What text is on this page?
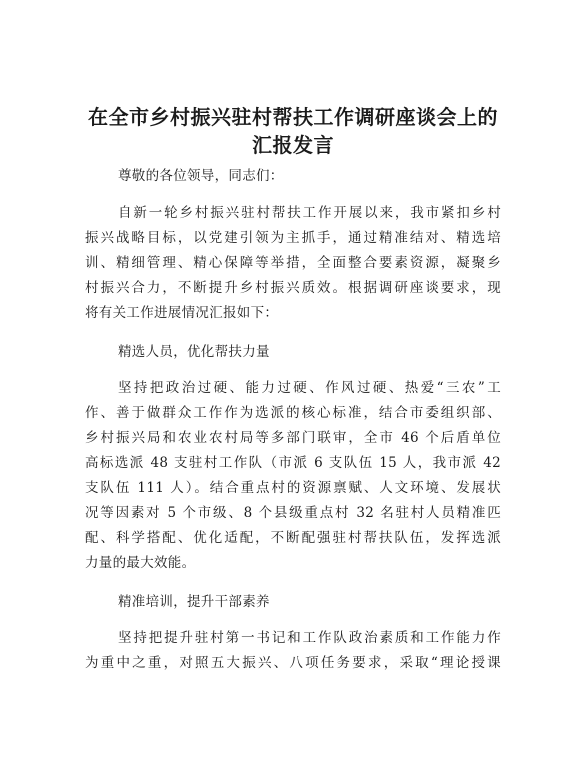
在全市乡村振兴驻村帮扶工作调研座谈会上的
汇报发言
尊敬的各位领导，同志们：
自新一轮乡村振兴驻村帮扶工作开展以来，我市紧扣乡村
振兴战略目标，以党建引领为主抓手，通过精准结对、精选培
训、精细管理、精心保障等举措，全面整合要素资源，凝聚乡
村振兴合力，不断提升乡村振兴质效。根据调研座谈要求，现
将有关工作进展情况汇报如下：
精选人员，优化帮扶力量
坚持把政治过硬、能力过硬、作风过硬、热爱“三农”工
作、善于做群众工作作为选派的核心标准，结合市委组织部、
乡村振兴局和农业农村局等多部门联审，全市 46 个后盾单位
高标选派 48 支驻村工作队（市派 6 支队伍 15 人，我市派 42
支队伍 111 人）。结合重点村的资源禀赋、人文环境、发展状
况等因素对 5 个市级、8 个县级重点村 32 名驻村人员精准匹
配、科学搭配、优化适配，不断配强驻村帮扶队伍，发挥选派
力量的最大效能。
精准培训，提升干部素养
坚持把提升驻村第一书记和工作队政治素质和工作能力作
为重中之重，对照五大振兴、八项任务要求，采取“理论授课
